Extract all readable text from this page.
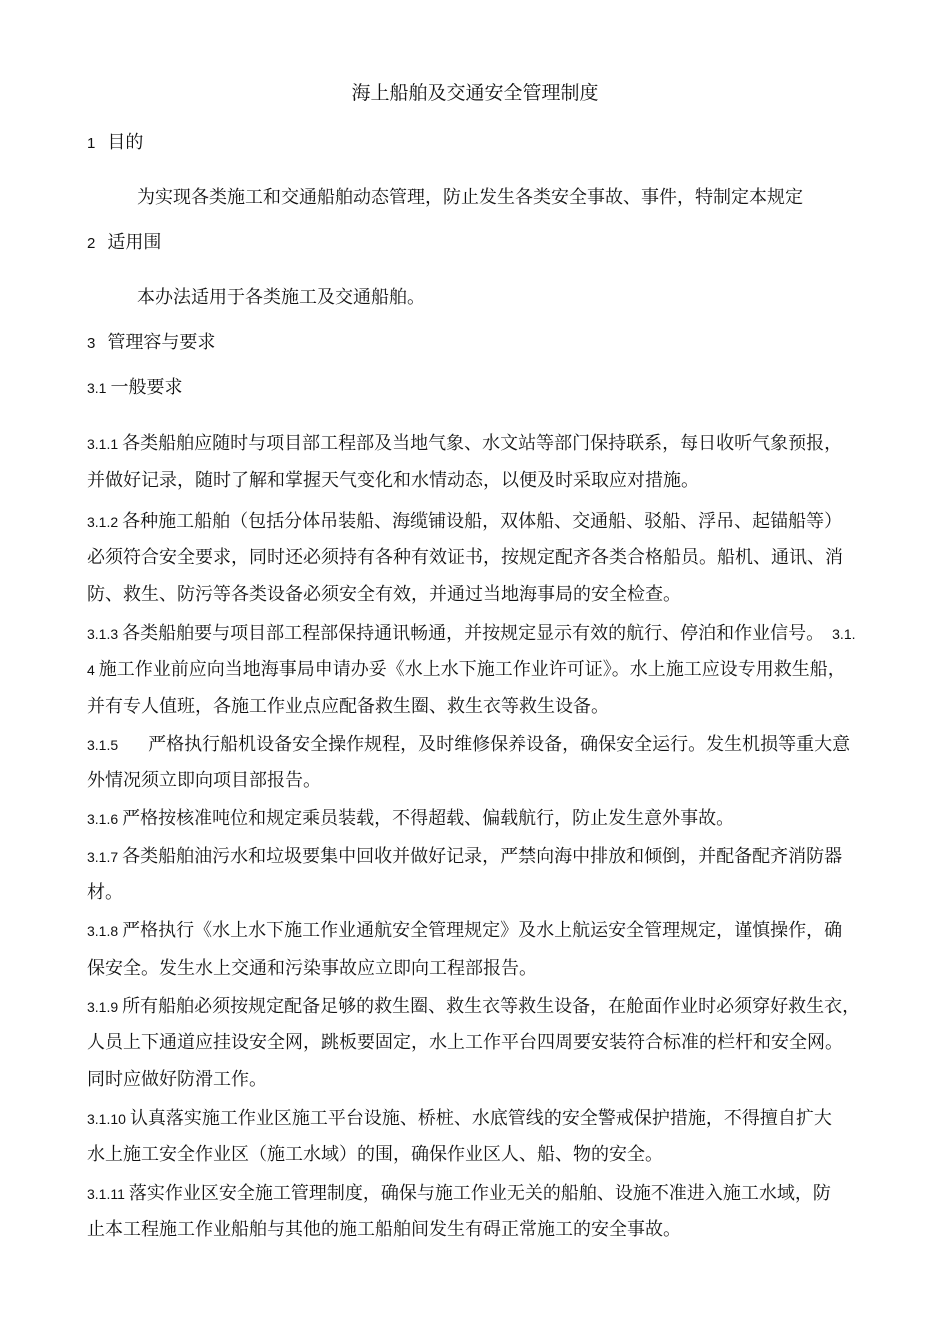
海上船舶及交通安全管理制度
1 目的
为实现各类施工和交通船舶动态管理，防止发生各类安全事故、事件，特制定本规定
2 适用围
本办法适用于各类施工及交通船舶。
3 管理容与要求
3.1 一般要求
3.1.1 各类船舶应随时与项目部工程部及当地气象、水文站等部门保持联系，每日收听气象预报，
并做好记录，随时了解和掌握天气变化和水情动态，以便及时采取应对措施。
3.1.2 各种施工船舶（包括分体吊装船、海缆铺设船，双体船、交通船、驳船、浮吊、起锚船等）
必须符合安全要求，同时还必须持有各种有效证书，按规定配齐各类合格船员。船机、通讯、消
防、救生、防污等各类设备必须安全有效，并通过当地海事局的安全检查。
3.1.3 各类船舶要与项目部工程部保持通讯畅通，并按规定显示有效的航行、停泊和作业信号。 3.1.
4 施工作业前应向当地海事局申请办妥《水上水下施工作业许可证》。水上施工应设专用救生船，
并有专人值班，各施工作业点应配备救生圈、救生衣等救生设备。
3.1.5 严格执行船机设备安全操作规程，及时维修保养设备，确保安全运行。发生机损等重大意
外情况须立即向项目部报告。
3.1.6 严格按核准吨位和规定乘员装载，不得超载、偏载航行，防止发生意外事故。
3.1.7 各类船舶油污水和垃圾要集中回收并做好记录，严禁向海中排放和倾倒，并配备配齐消防器
材。
3.1.8 严格执行《水上水下施工作业通航安全管理规定》及水上航运安全管理规定，谨慎操作，确
保安全。发生水上交通和污染事故应立即向工程部报告。
3.1.9 所有船舶必须按规定配备足够的救生圈、救生衣等救生设备，在舱面作业时必须穿好救生衣，
人员上下通道应挂设安全网，跳板要固定，水上工作平台四周要安装符合标准的栏杆和安全网。
同时应做好防滑工作。
3.1.10 认真落实施工作业区施工平台设施、桥桩、水底管线的安全警戒保护措施，不得擅自扩大
水上施工安全作业区（施工水域）的围，确保作业区人、船、物的安全。
3.1.11 落实作业区安全施工管理制度，确保与施工作业无关的船舶、设施不准进入施工水域，防
止本工程施工作业船舶与其他的施工船舶间发生有碍正常施工的安全事故。
